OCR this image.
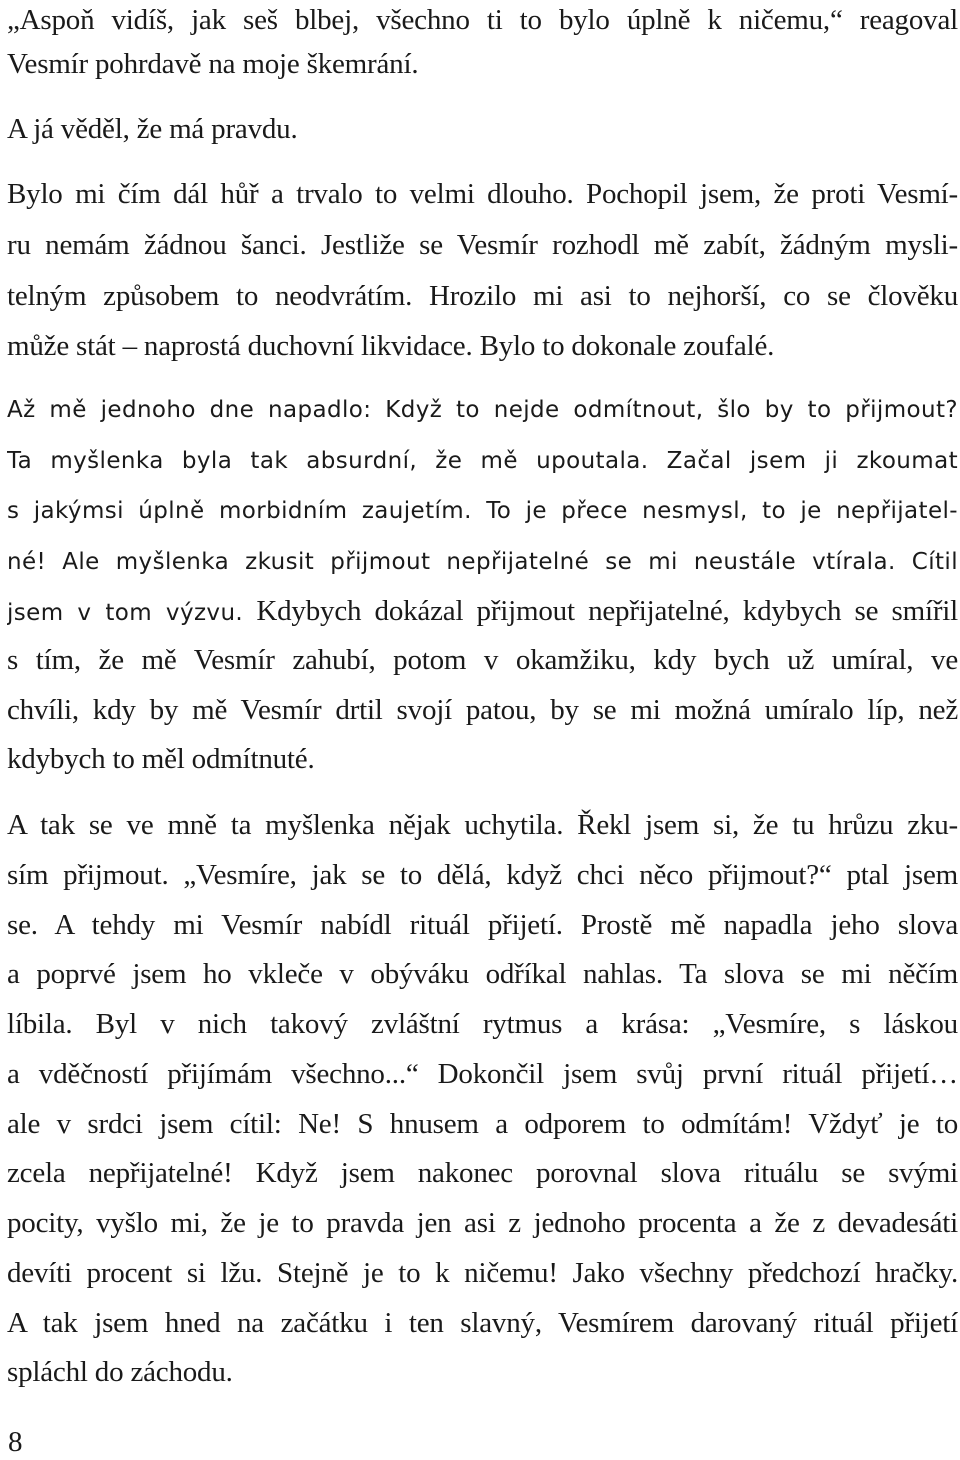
„Aspoň vidíš, jak seš blbej, všechno ti to bylo úplně k ničemu,“ reagoval
Vesmír pohrdavě na moje škemrání.
A já věděl, že má pravdu.
Bylo mi čím dál hůř a trvalo to velmi dlouho. Pochopil jsem, že proti Vesmí-
ru nemám žádnou šanci. Jestliže se Vesmír rozhodl mě zabít, žádným mysli-
telným způsobem to neodvrátím. Hrozilo mi asi to nejhorší, co se člověku
může stát – naprostá duchovní likvidace. Bylo to dokonale zoufalé.
Až mě jednoho dne napadlo: Když to nejde odmítnout, šlo by to přijmout?
Ta myšlenka byla tak absurdní, že mě upoutala. Začal jsem ji zkoumat
s jakýmsi úplně morbidním zaujetím. To je přece nesmysl, to je nepřijatel-
né! Ale myšlenka zkusit přijmout nepřijatelné se mi neustále vtírala. Cítil
jsem v tom výzvu. Kdybych dokázal přijmout nepřijatelné, kdybych se smířil
s tím, že mě Vesmír zahubí, potom v okamžiku, kdy bych už umíral, ve
chvíli, kdy by mě Vesmír drtil svojí patou, by se mi možná umíralo líp, než
kdybych to měl odmítnuté.
A tak se ve mně ta myšlenka nějak uchytila. Řekl jsem si, že tu hrůzu zku-
sím přijmout. „Vesmíre, jak se to dělá, když chci něco přijmout?“ ptal jsem
se. A tehdy mi Vesmír nabídl rituál přijetí. Prostě mě napadla jeho slova
a poprvé jsem ho vkleče v obýváku odříkal nahlas. Ta slova se mi něčím
líbila. Byl v nich takový zvláštní rytmus a krása: „Vesmíre, s láskou
a vděčností přijímám všechno...“ Dokončil jsem svůj první rituál přijetí…
ale v srdci jsem cítil: Ne! S hnusem a odporem to odmítám! Vždyť je to
zcela nepřijatelné! Když jsem nakonec porovnal slova rituálu se svými
pocity, vyšlo mi, že je to pravda jen asi z jednoho procenta a že z devadesáti
devíti procent si lžu. Stejně je to k ničemu! Jako všechny předchozí hračky.
A tak jsem hned na začátku i ten slavný, Vesmírem darovaný rituál přijetí
spláchl do záchodu.
8
